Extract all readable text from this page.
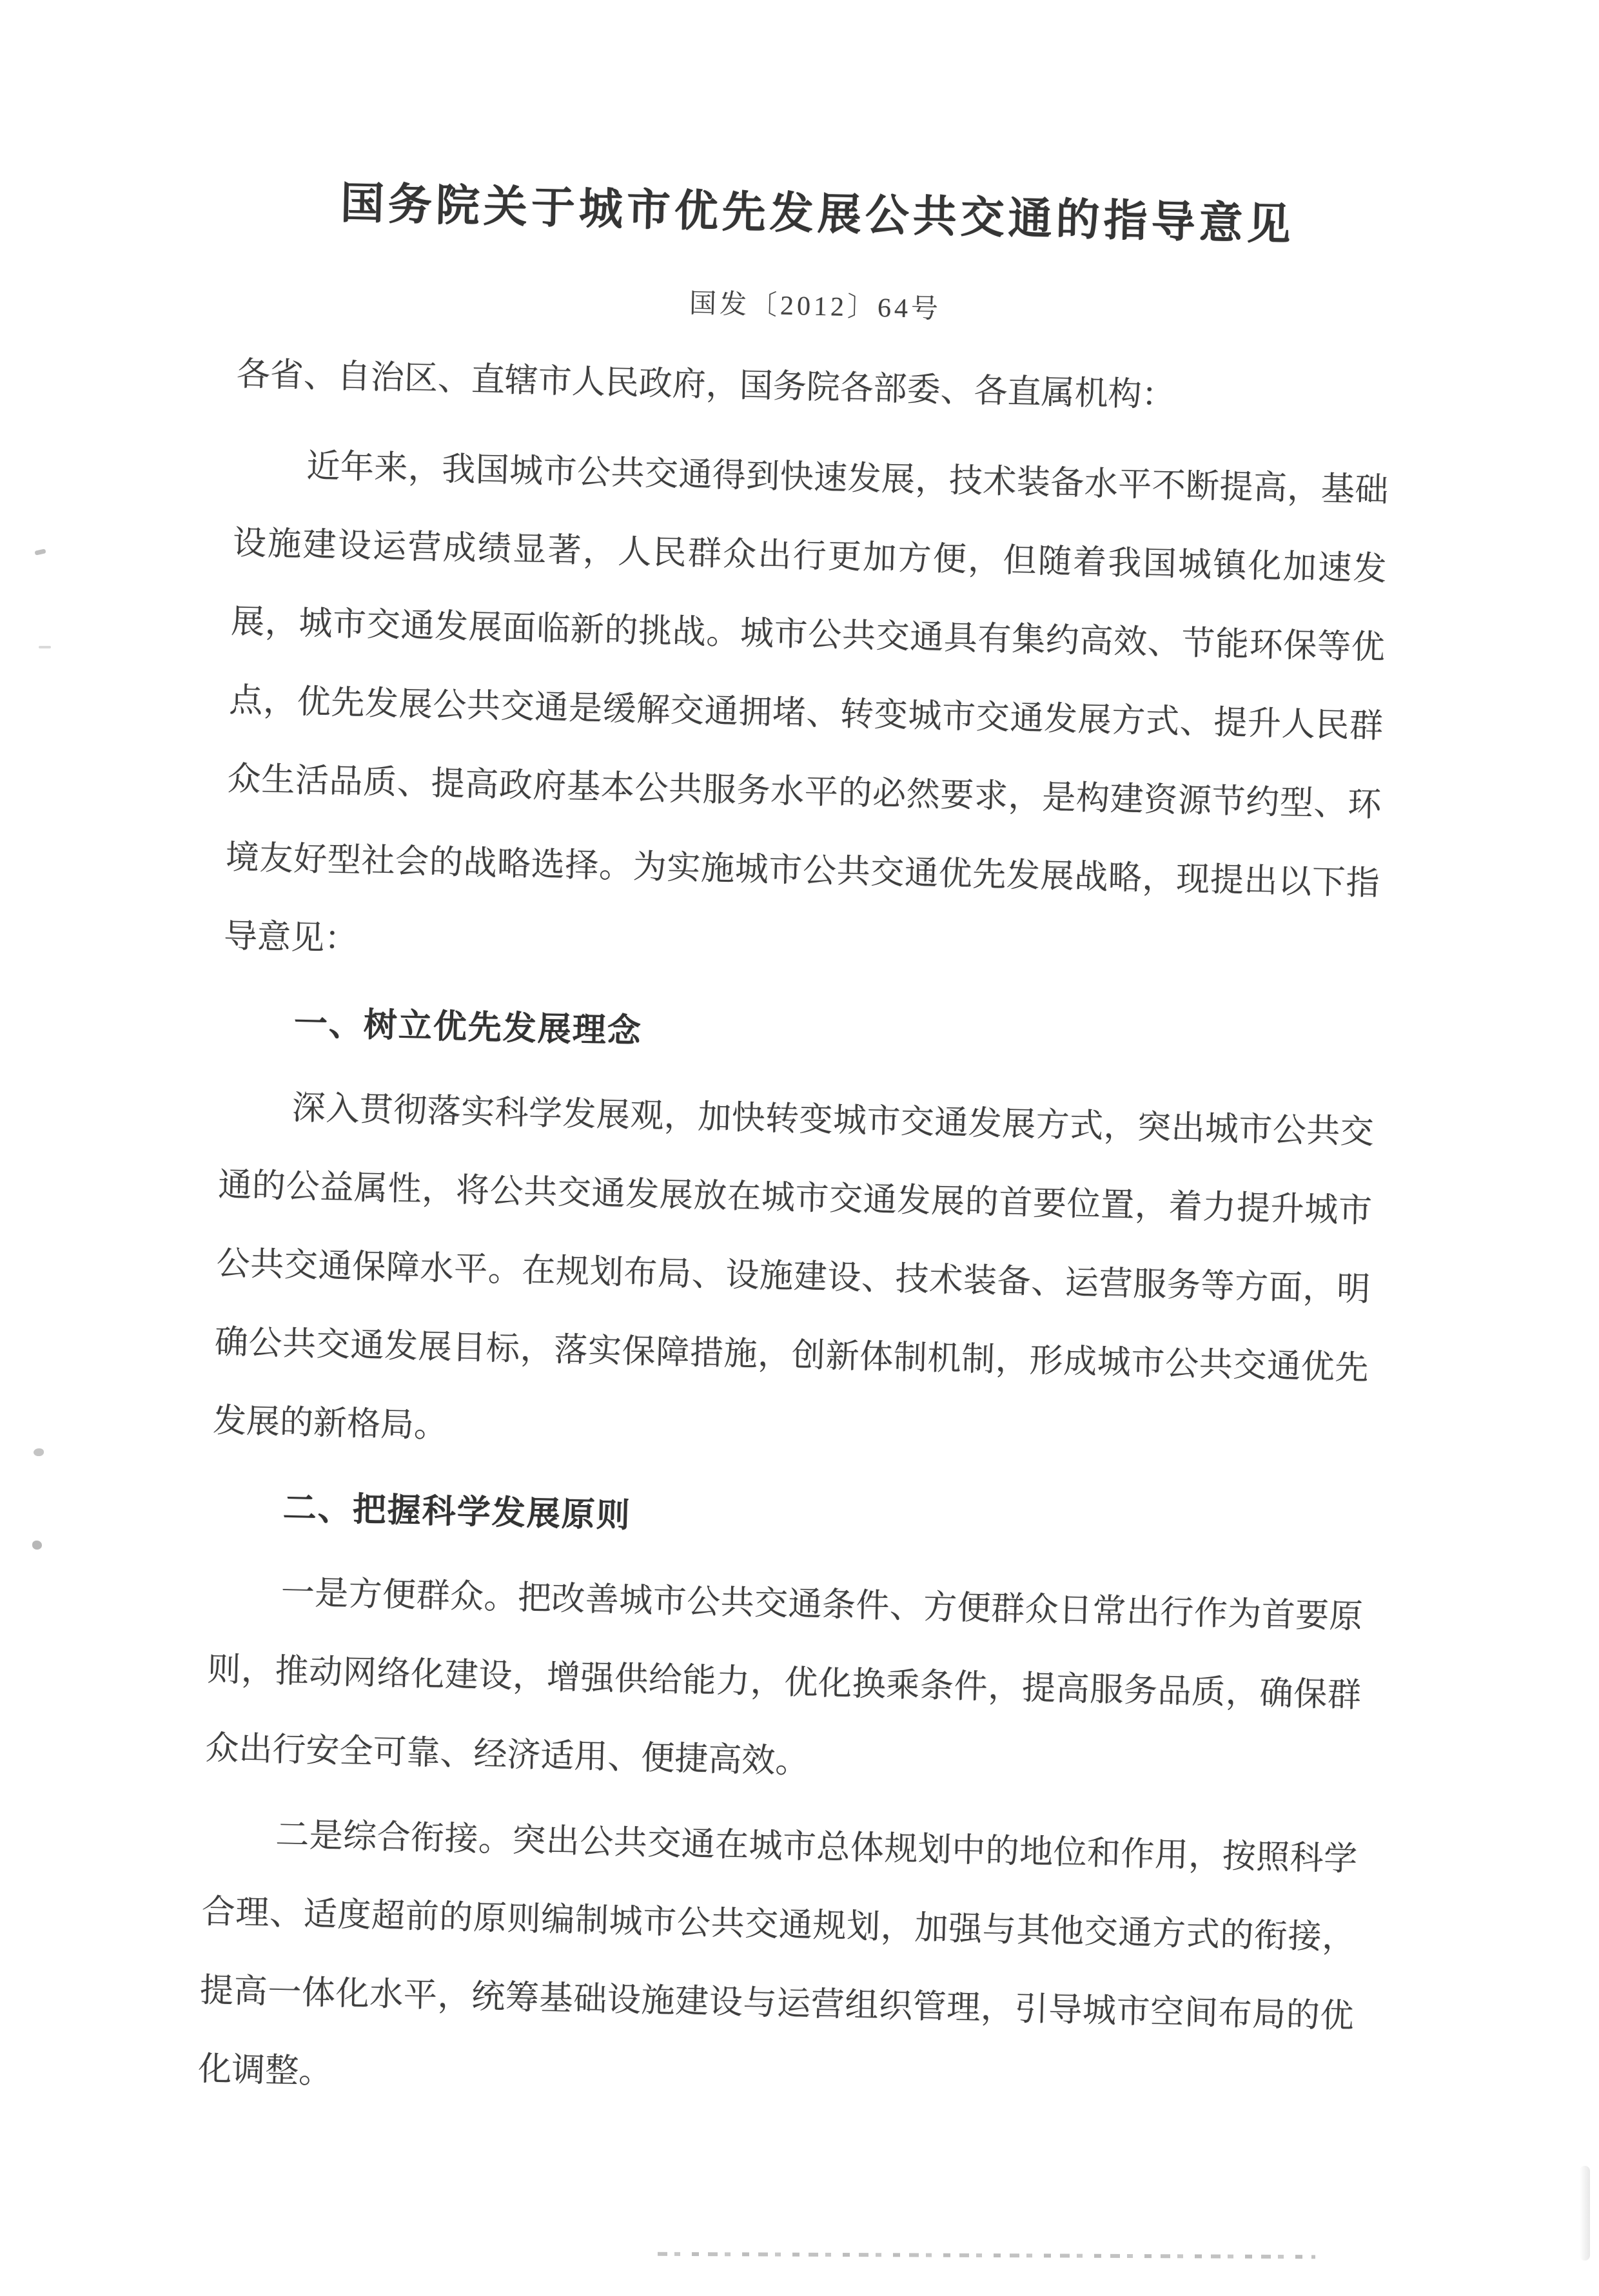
国务院关于城市优先发展公共交通的指导意见
国发〔2012〕64号

各省、自治区、直辖市人民政府，国务院各部委、各直属机构：

近年来，我国城市公共交通得到快速发展，技术装备水平不断提高，基础设施建设运营成绩显著，人民群众出行更加方便，但随着我国城镇化加速发展，城市交通发展面临新的挑战。城市公共交通具有集约高效、节能环保等优点，优先发展公共交通是缓解交通拥堵、转变城市交通发展方式、提升人民群众生活品质、提高政府基本公共服务水平的必然要求，是构建资源节约型、环境友好型社会的战略选择。为实施城市公共交通优先发展战略，现提出以下指导意见：

一、树立优先发展理念

深入贯彻落实科学发展观，加快转变城市交通发展方式，突出城市公共交通的公益属性，将公共交通发展放在城市交通发展的首要位置，着力提升城市公共交通保障水平。在规划布局、设施建设、技术装备、运营服务等方面，明确公共交通发展目标，落实保障措施，创新体制机制，形成城市公共交通优先发展的新格局。

二、把握科学发展原则

一是方便群众。把改善城市公共交通条件、方便群众日常出行作为首要原则，推动网络化建设，增强供给能力，优化换乘条件，提高服务品质，确保群众出行安全可靠、经济适用、便捷高效。

二是综合衔接。突出公共交通在城市总体规划中的地位和作用，按照科学合理、适度超前的原则编制城市公共交通规划，加强与其他交通方式的衔接，提高一体化水平，统筹基础设施建设与运营组织管理，引导城市空间布局的优化调整。
